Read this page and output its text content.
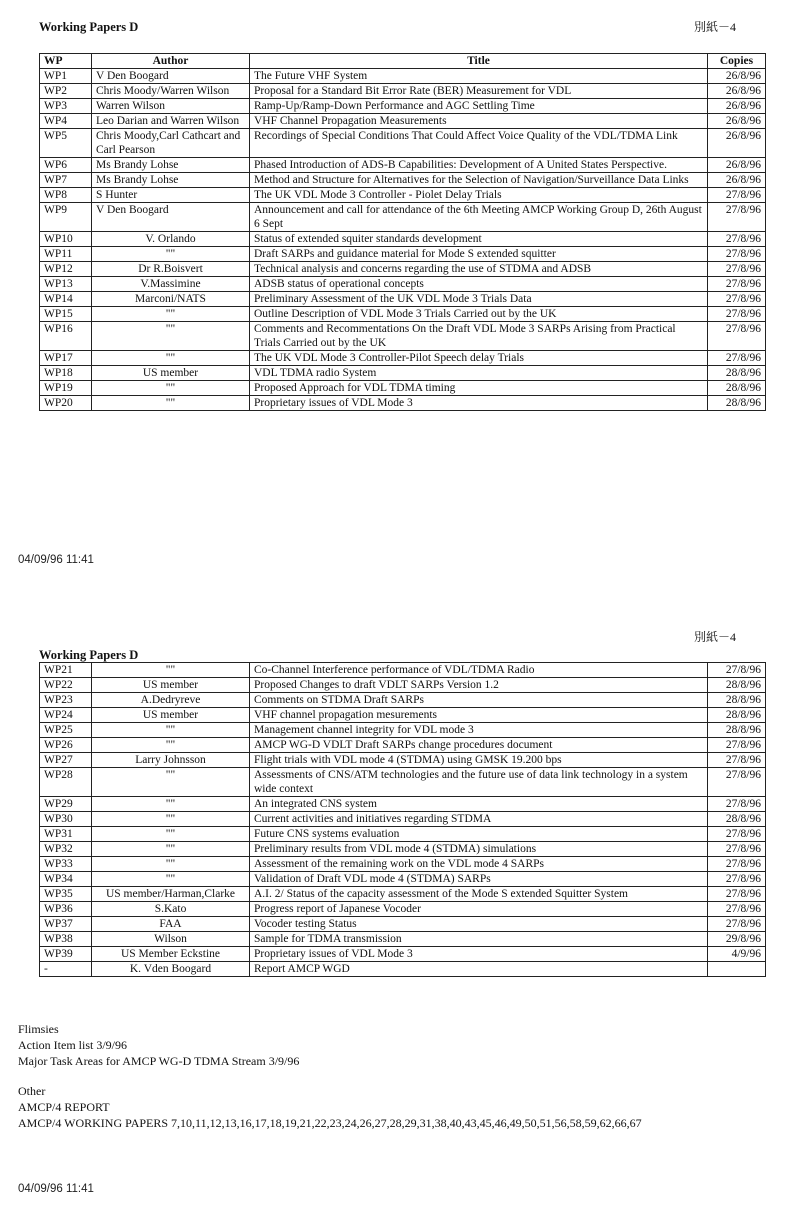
Working Papers D	別紙－4
WP	Author	Title	Copies
WP1	V Den Boogard	The Future VHF System	26/8/96
WP2	Chris Moody/Warren Wilson	Proposal for a Standard Bit Error Rate (BER) Measurement for VDL	26/8/96
WP3	Warren Wilson	Ramp-Up/Ramp-Down Performance and AGC Settling Time	26/8/96
WP4	Leo Darian and Warren Wilson	VHF Channel Propagation Measurements	26/8/96
WP5	Chris Moody,Carl Cathcart and Carl Pearson	Recordings of Special Conditions That Could Affect Voice Quality of the VDL/TDMA Link	26/8/96
WP6	Ms Brandy Lohse	Phased Introduction of ADS-B Capabilities: Development of A United States Perspective.	26/8/96
WP7	Ms Brandy Lohse	Method and Structure for Alternatives for the Selection of Navigation/Surveillance Data Links	26/8/96
WP8	S Hunter	The UK VDL Mode 3 Controller - Piolet Delay Trials	27/8/96
WP9	V Den Boogard	Announcement and call for attendance of the 6th Meeting AMCP Working Group D, 26th August 6 Sept	27/8/96
WP10	V. Orlando	Status of extended squiter standards development	27/8/96
WP11	""	Draft SARPs and guidance material for Mode S extended squitter	27/8/96
WP12	Dr R.Boisvert	Technical analysis and concerns regarding the use of STDMA and ADSB	27/8/96
WP13	V.Massimine	ADSB status of operational concepts	27/8/96
WP14	Marconi/NATS	Preliminary Assessment of the UK VDL Mode 3 Trials Data	27/8/96
WP15	""	Outline Description of VDL Mode 3 Trials Carried out by the UK	27/8/96
WP16	""	Comments and Recommentations On the Draft VDL Mode 3 SARPs Arising from Practical Trials Carried out by the UK	27/8/96
WP17	""	The UK VDL Mode 3 Controller-Pilot Speech delay Trials	27/8/96
WP18	US member	VDL TDMA radio System	28/8/96
WP19	""	Proposed Approach for VDL TDMA timing	28/8/96
WP20	""	Proprietary issues of VDL Mode 3	28/8/96
04/09/96 11:41
別紙－4
Working Papers D
WP21	""	Co-Channel Interference performance of VDL/TDMA Radio	27/8/96
WP22	US member	Proposed Changes to draft VDLT SARPs Version 1.2	28/8/96
WP23	A.Dedryreve	Comments on STDMA Draft SARPs	28/8/96
WP24	US member	VHF channel propagation mesurements	28/8/96
WP25	""	Management channel integrity for VDL mode 3	28/8/96
WP26	""	AMCP WG-D VDLT Draft SARPs change procedures document	27/8/96
WP27	Larry Johnsson	Flight trials with VDL mode 4 (STDMA) using GMSK 19.200 bps	27/8/96
WP28	""	Assessments of CNS/ATM technologies and the future use of data link technology in a system wide context	27/8/96
WP29	""	An integrated CNS system	27/8/96
WP30	""	Current activities and initiatives regarding STDMA	28/8/96
WP31	""	Future CNS systems evaluation	27/8/96
WP32	""	Preliminary results from VDL mode 4 (STDMA) simulations	27/8/96
WP33	""	Assessment of the remaining work on the VDL mode 4 SARPs	27/8/96
WP34	""	Validation of Draft VDL mode 4 (STDMA) SARPs	27/8/96
WP35	US member/Harman,Clarke	A.I. 2/ Status of the capacity assessment of the Mode S extended Squitter System	27/8/96
WP36	S.Kato	Progress report of Japanese Vocoder	27/8/96
WP37	FAA	Vocoder testing Status	27/8/96
WP38	Wilson	Sample for TDMA transmission	29/8/96
WP39	US Member Eckstine	Proprietary issues of VDL Mode 3	4/9/96
-	K. Vden Boogard	Report AMCP WGD	
Flimsies
Action Item list 3/9/96
Major Task Areas for AMCP WG-D TDMA Stream 3/9/96
Other
AMCP/4 REPORT
AMCP/4 WORKING PAPERS 7,10,11,12,13,16,17,18,19,21,22,23,24,26,27,28,29,31,38,40,43,45,46,49,50,51,56,58,59,62,66,67
04/09/96 11:41
